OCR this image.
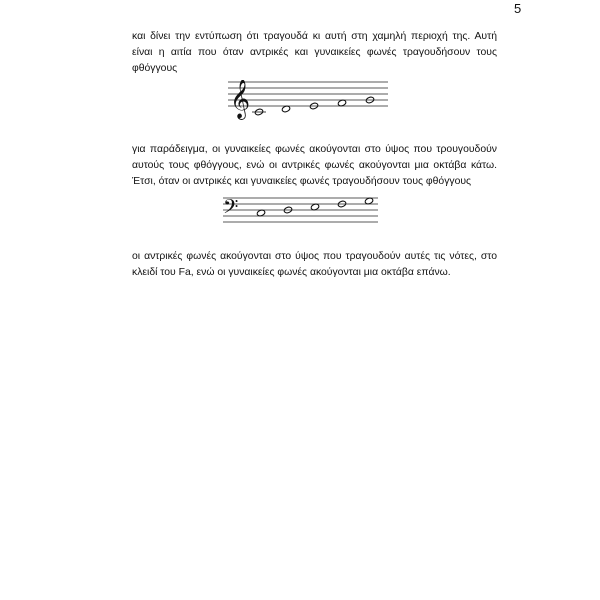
5

και δίνει την εντύπωση ότι τραγουδά κι αυτή στη χαμηλή περιοχή της. Αυτή είναι η αιτία που όταν αντρικές και γυναικείες φωνές τραγουδήσουν τους φθόγγους

𝄞

για παράδειγμα, οι γυναικείες φωνές ακούγονται στο ύψος που τρουγουδούν αυτούς τους φθόγγους, ενώ οι αντρικές φωνές ακούγονται μια οκτάβα κάτω. Έτσι, όταν οι αντρικές και γυναικείες φωνές τραγουδήσουν τους φθόγγους

𝄢

οι αντρικές φωνές ακούγονται στο ύψος που τραγουδούν αυτές τις νότες, στο κλειδί του Fa, ενώ οι γυναικείες φωνές ακούγονται μια οκτάβα επάνω.
